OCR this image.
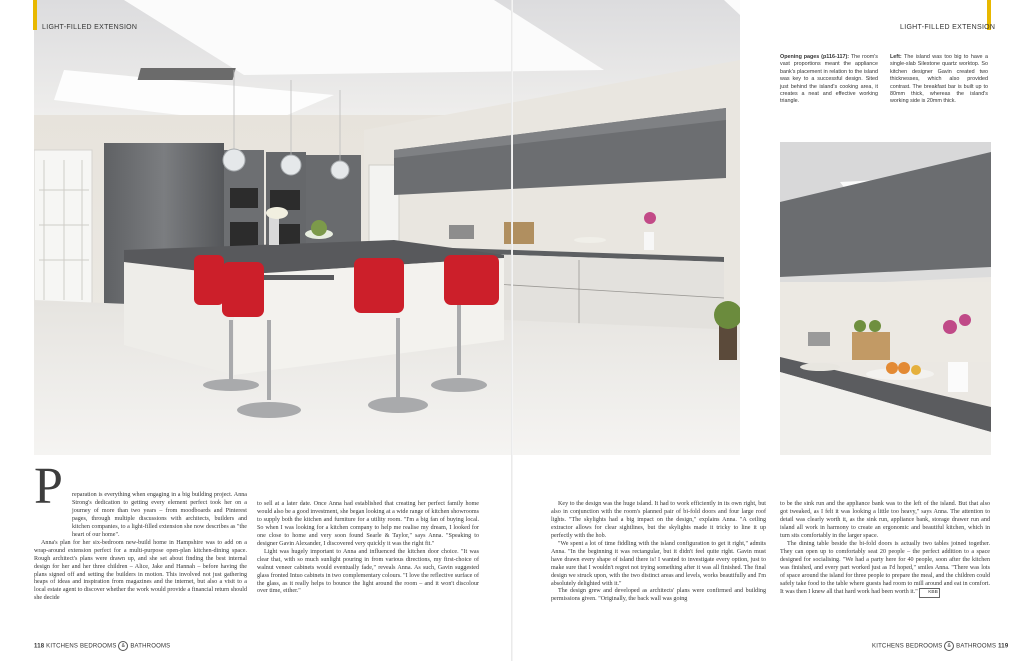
LIGHT-FILLED EXTENSION	LIGHT-FILLED EXTENSION
Opening pages (p116-117): The room's vast proportions meant the appliance bank's placement in relation to the island was key to a successful design. Sited just behind the island's cooking area, it creates a neat and effective working triangle.
Left: The island was too big to have a single-slab Silestone quartz worktop. So kitchen designer Gavin created two thicknesses, which also provided contrast. The breakfast bar is built up to 80mm thick, whereas the island's working side is 20mm thick.
P	reparation is everything when engaging in a big building project. Anna Strong's dedication to getting every element perfect took her on a journey of more than two years – from moodboards and Pinterest pages, through multiple discussions with architects, builders and kitchen companies, to a light-filled extension she now describes as "the heart of our home".

Anna's plan for her six-bedroom new-build home in Hampshire was to add on a wrap-around extension perfect for a multi-purpose open-plan kitchen-dining space. Rough architect's plans were drawn up, and she set about finding the best internal design for her and her three children – Alice, Jake and Hannah – before having the plans signed off and setting the builders in motion. This involved not just gathering heaps of ideas and inspiration from magazines and the internet, but also a visit to a local estate agent to discover whether the work would provide a financial return should she decide

to sell at a later date. Once Anna had established that creating her perfect family home would also be a good investment, she began looking at a wide range of kitchen showrooms to supply both the kitchen and furniture for a utility room. "I'm a big fan of buying local. So when I was looking for a kitchen company to help me realise my dream, I looked for one close to home and very soon found Searle & Taylor," says Anna. "Speaking to designer Gavin Alexander, I discovered very quickly it was the right fit."

Light was hugely important to Anna and influenced the kitchen door choice. "It was clear that, with so much sunlight pouring in from various directions, my first-choice of walnut veneer cabinets would eventually fade," reveals Anna. As such, Gavin suggested glass fronted Intuo cabinets in two complementary colours. "I love the reflective surface of the glass, as it really helps to bounce the light around the room – and it won't discolour over time, either."

Key to the design was the huge island. It had to work efficiently in its own right, but also in conjunction with the room's planned pair of bi-fold doors and four large roof lights. "The skylights had a big impact on the design," explains Anna. "A ceiling extractor allows for clear sightlines, but the skylights made it tricky to line it up perfectly with the hob.

"We spent a lot of time fiddling with the island configuration to get it right," admits Anna. "In the beginning it was rectangular, but it didn't feel quite right. Gavin must have drawn every shape of island there is! I wanted to investigate every option, just to make sure that I wouldn't regret not trying something after it was all finished. The final design we struck upon, with the two distinct areas and levels, works beautifully and I'm absolutely delighted with it."

The design grew and developed as architects' plans were confirmed and building permissions given. "Originally, the back wall was going

to be the sink run and the appliance bank was to the left of the island. But that also got tweaked, as I felt it was looking a little too heavy," says Anna. The attention to detail was clearly worth it, as the sink run, appliance bank, storage drawer run and island all work in harmony to create an ergonomic and beautiful kitchen, which in turn sits comfortably in the larger space.

The dining table beside the bi-fold doors is actually two tables joined together. They can open up to comfortably seat 20 people – the perfect addition to a space designed for socialising. "We had a party here for 40 people, soon after the kitchen was finished, and every part worked just as I'd hoped," smiles Anna. "There was lots of space around the island for three people to prepare the meal, and the children could safely take food to the table where guests had room to mill around and eat in comfort. It was then I knew all that hard work had been worth it." KBB

118 KITCHENS BEDROOMS & BATHROOMS	KITCHENS BEDROOMS & BATHROOMS 119
